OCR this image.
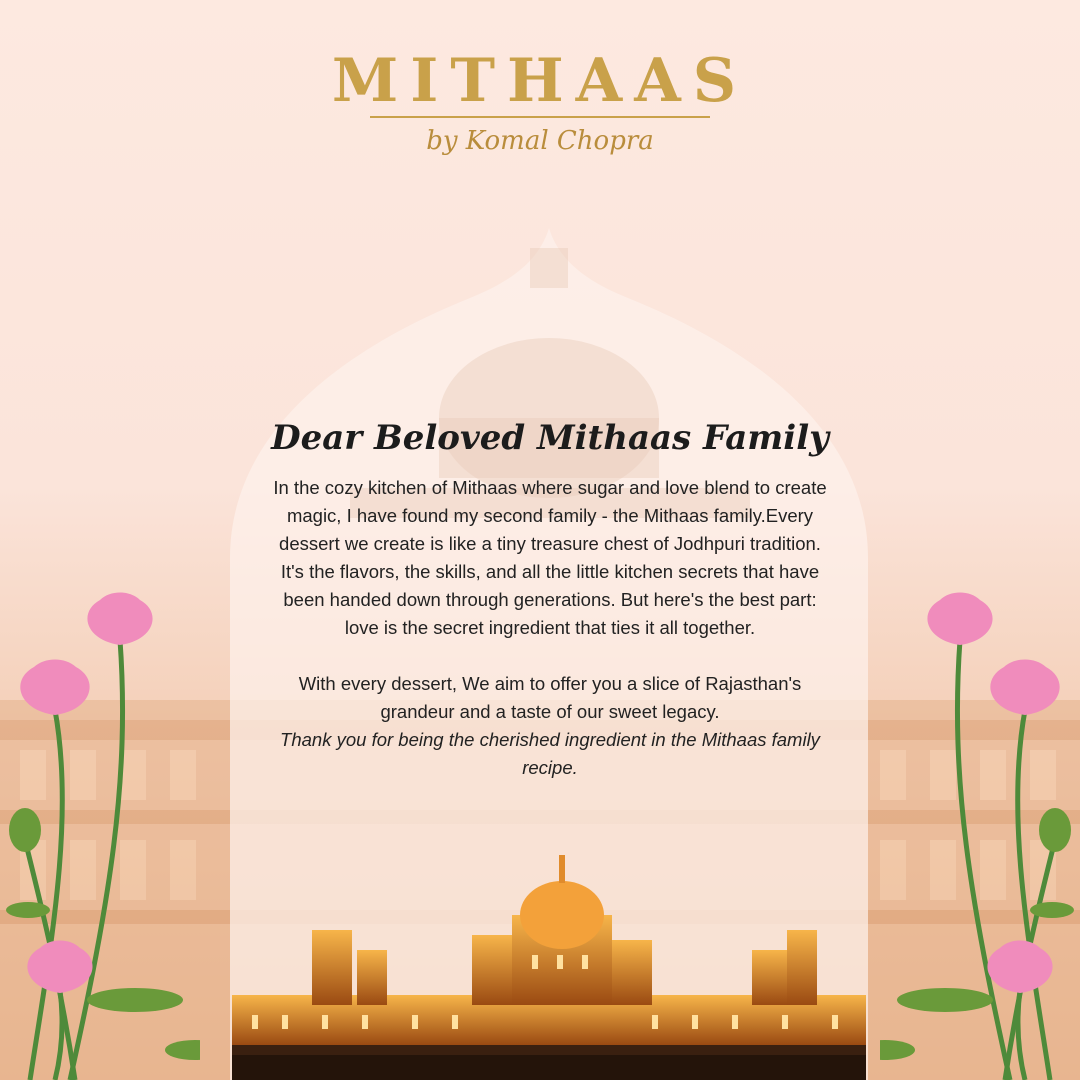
MITHAAS

by Komal Chopra
Dear Beloved Mithaas Family

In the cozy kitchen of Mithaas where sugar and love blend to create magic, I have found my second family - the Mithaas family.Every dessert we create is like a tiny treasure chest of Jodhpuri tradition. It's the flavors, the skills, and all the little kitchen secrets that have been handed down through generations. But here's the best part: love is the secret ingredient that ties it all together.

With every dessert, We aim to offer you a slice of Rajasthan's grandeur and a taste of our sweet legacy.

Thank you for being the cherished ingredient in the Mithaas family recipe.
